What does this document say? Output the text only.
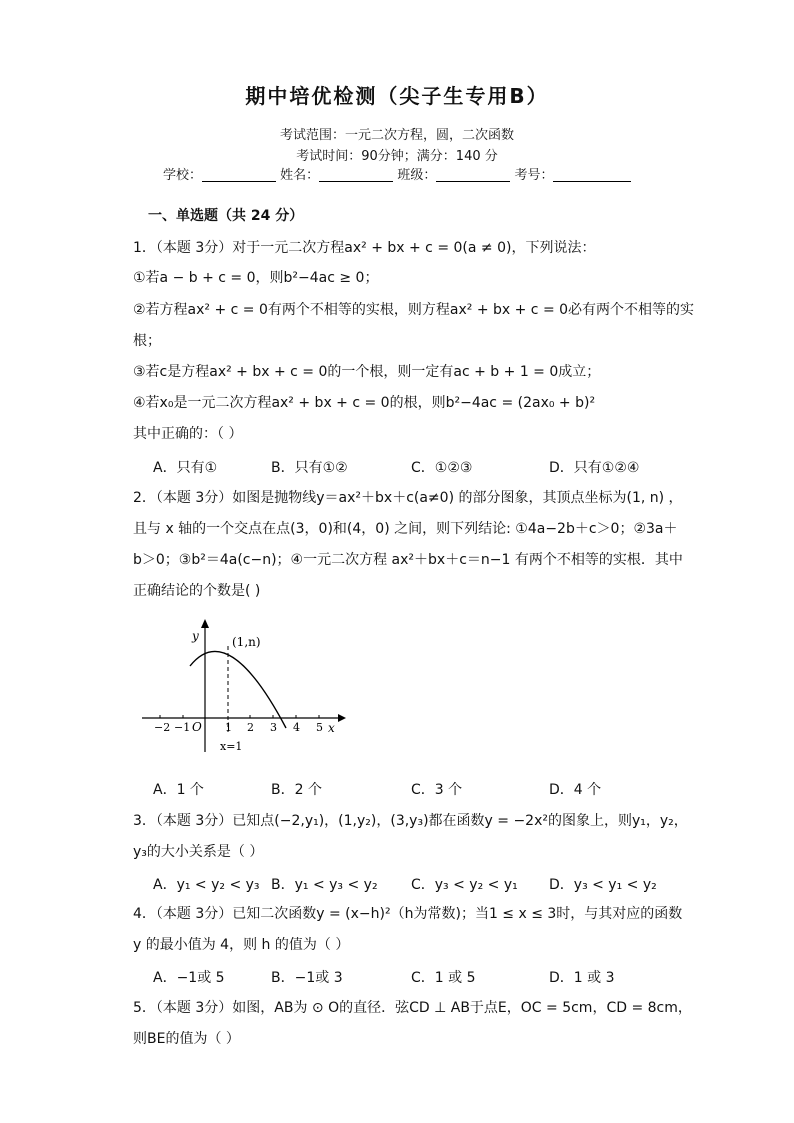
期中培优检测（尖子生专用B）
考试范围：一元二次方程，圆，二次函数
考试时间：90分钟；满分：140 分
学校：	姓名：	班级：	考号：
一、单选题（共 24 分）
1．（本题 3分）对于一元二次方程ax² + bx + c = 0(a ≠ 0)，下列说法：
①若a − b + c = 0，则b²−4ac ≥ 0；
②若方程ax² + c = 0有两个不相等的实根，则方程ax² + bx + c = 0必有两个不相等的实
根；
③若c是方程ax² + bx + c = 0的一个根，则一定有ac + b + 1 = 0成立；
④若x₀是一元二次方程ax² + bx + c = 0的根，则b²−4ac = (2ax₀ + b)²
其中正确的：（ ）
A．只有①	B．只有①②	C．①②③	D．只有①②④
2．（本题 3分）如图是抛物线y＝ax²＋bx＋c(a≠0) 的部分图象，其顶点坐标为(1, n) ，
且与 x 轴的一个交点在点(3，0)和(4，0) 之间，则下列结论: ①4a−2b＋c＞0；②3a＋
b＞0；③b²＝4a(c−n)；④一元二次方程 ax²＋bx＋c＝n−1 有两个不相等的实根．其中
正确结论的个数是( )
y
x
O
(1,n)
x=1
−2 −1	1 2 3 4 5
A．1 个	B．2 个	C．3 个	D．4 个
3．（本题 3分）已知点(−2,y₁)，(1,y₂)，(3,y₃)都在函数y = −2x²的图象上，则y₁，y₂，
y₃的大小关系是（ ）
A．y₁ < y₂ < y₃ B．y₁ < y₃ < y₂ C．y₃ < y₂ < y₁ D．y₃ < y₁ < y₂
4．（本题 3分）已知二次函数y = (x−h)²（h为常数)；当1 ≤ x ≤ 3时，与其对应的函数
y 的最小值为 4，则 h 的值为（ ）
A．−1或 5	B．−1或 3	C．1 或 5	D．1 或 3
5．（本题 3分）如图，AB为 ⊙ O的直径．弦CD ⊥ AB于点E，OC = 5cm，CD = 8cm，
则BE的值为（ ）
